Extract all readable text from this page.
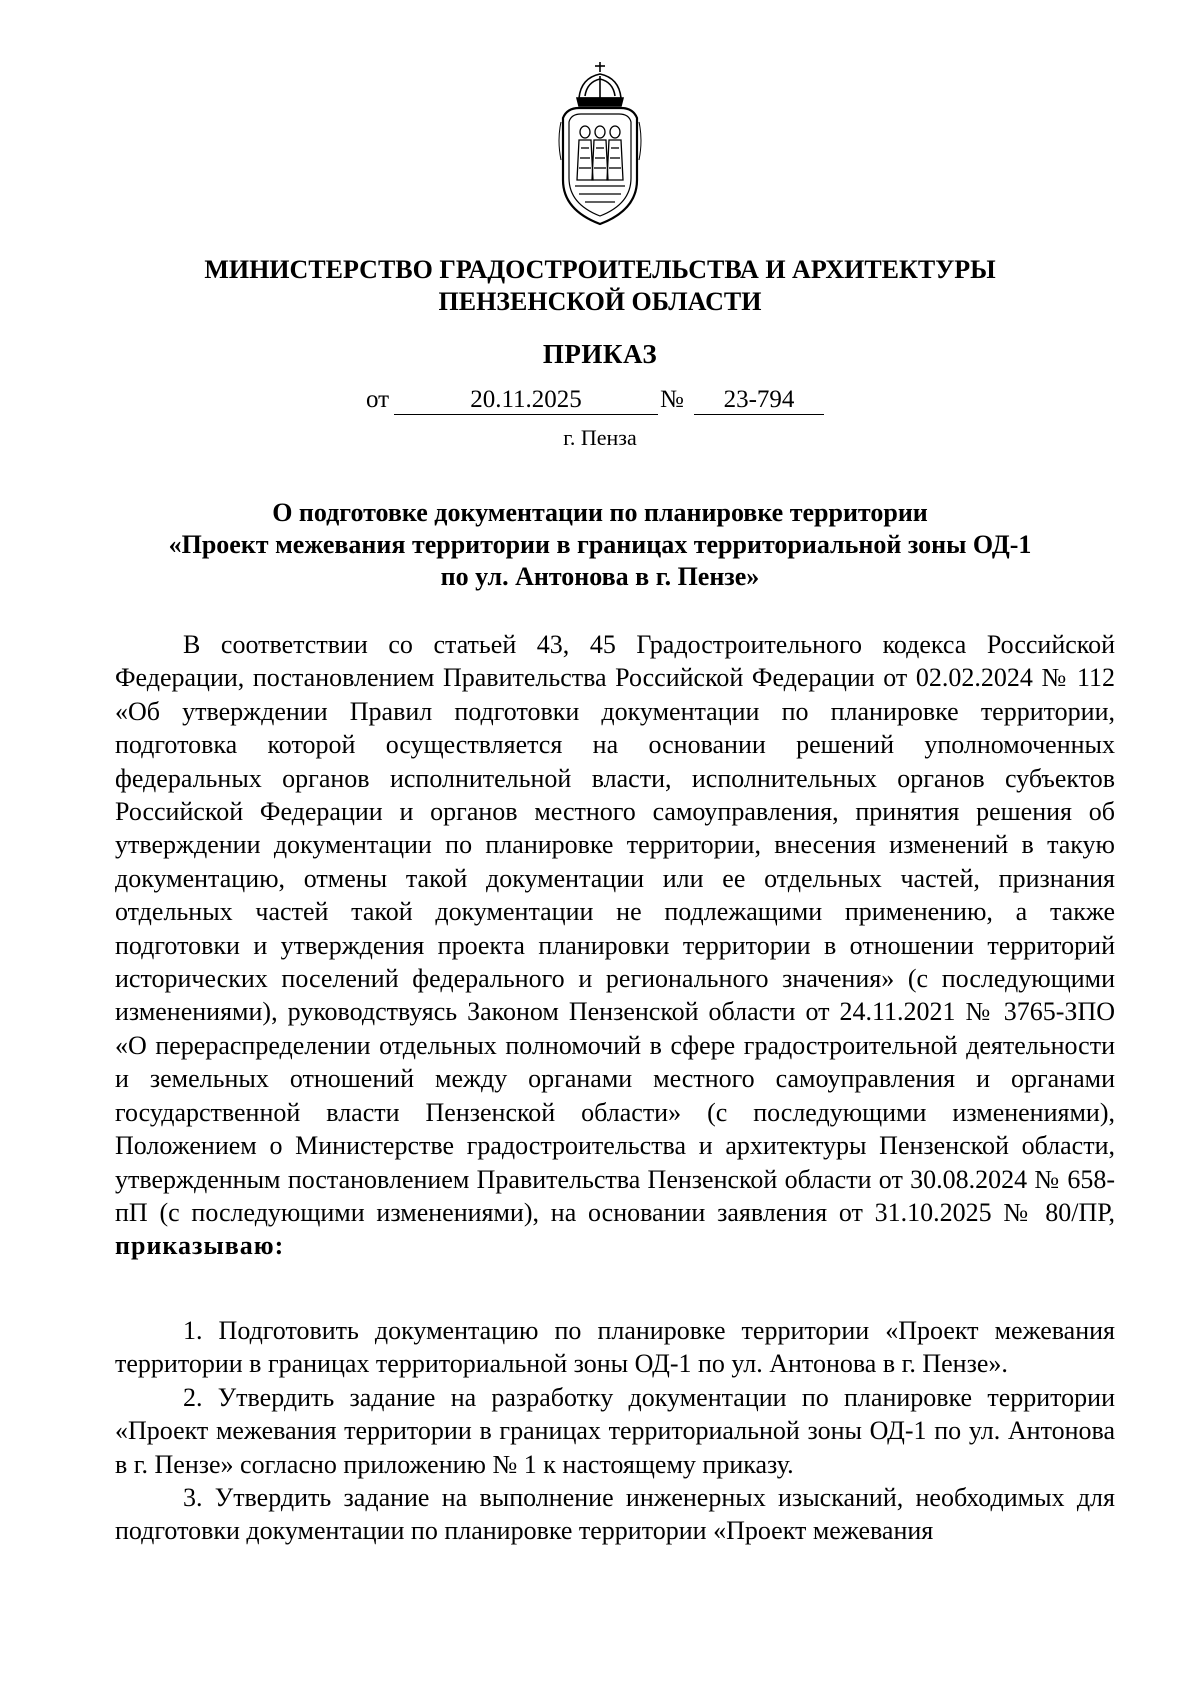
МИНИСТЕРСТВО ГРАДОСТРОИТЕЛЬСТВА И АРХИТЕКТУРЫ
ПЕНЗЕНСКОЙ ОБЛАСТИ
ПРИКАЗ
от	20.11.2025	№	23-794
г. Пенза
О подготовке документации по планировке территории
«Проект межевания территории в границах территориальной зоны ОД-1
по ул. Антонова в г. Пензе»

В соответствии со статьей 43, 45 Градостроительного кодекса Российской Федерации, постановлением Правительства Российской Федерации от 02.02.2024 № 112 «Об утверждении Правил подготовки документации по планировке территории, подготовка которой осуществляется на основании решений уполномоченных федеральных органов исполнительной власти, исполнительных органов субъектов Российской Федерации и органов местного самоуправления, принятия решения об утверждении документации по планировке территории, внесения изменений в такую документацию, отмены такой документации или ее отдельных частей, признания отдельных частей такой документации не подлежащими применению, а также подготовки и утверждения проекта планировки территории в отношении территорий исторических поселений федерального и регионального значения» (с последующими изменениями), руководствуясь Законом Пензенской области от 24.11.2021 № 3765-ЗПО «О перераспределении отдельных полномочий в сфере градостроительной деятельности и земельных отношений между органами местного самоуправления и органами государственной власти Пензенской области» (с последующими изменениями), Положением о Министерстве градостроительства и архитектуры Пензенской области, утвержденным постановлением Правительства Пензенской области от 30.08.2024 № 658-пП (с последующими изменениями), на основании заявления от 31.10.2025 № 80/ПР, приказываю:

1. Подготовить документацию по планировке территории «Проект межевания территории в границах территориальной зоны ОД-1 по ул. Антонова в г. Пензе».

2. Утвердить задание на разработку документации по планировке территории «Проект межевания территории в границах территориальной зоны ОД-1 по ул. Антонова в г. Пензе» согласно приложению № 1 к настоящему приказу.

3. Утвердить задание на выполнение инженерных изысканий, необходимых для подготовки документации по планировке территории «Проект межевания
